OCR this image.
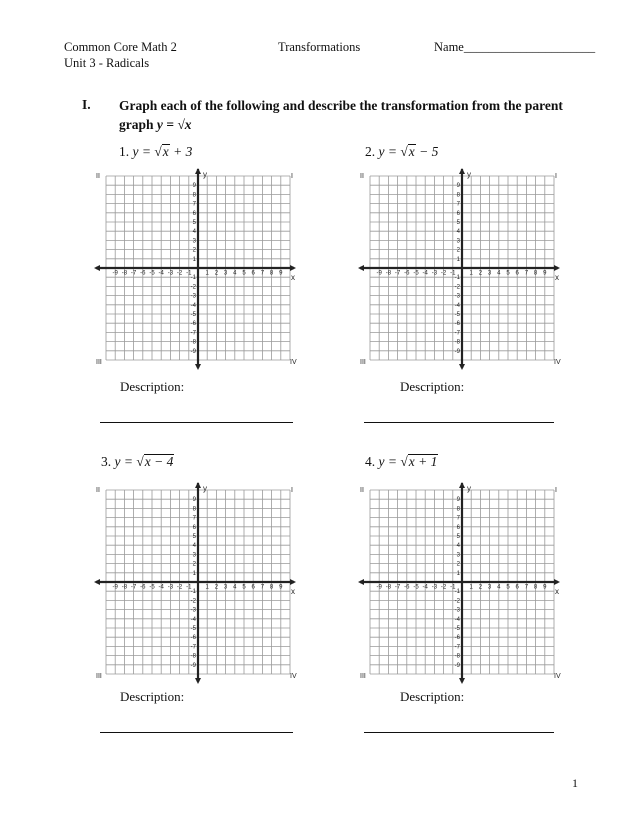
Common Core Math 2
Unit 3 - Radicals
Transformations	Name_____________________
I. Graph each of the following and describe the transformation from the parent
graph y = √x
1. y = √x + 3	2. y = √x − 5
3. y = √x − 4	4. y = √x + 1
x
y	I
II
III	IV
1 2 3 4 5 6 7 8 9
-1
-2
-3
-4
-5
-6
-7
-8
-9
1
2
3
4
5
6
7
8
9
-1
-2
-3
-4
-5
-6
-7
-8
-9
x
y	I
II
III	IV
1 2 3 4 5 6 7 8 9
-1
-2
-3
-4
-5
-6
-7
-8
-9
1
2
3
4
5
6
7
8
9
-1
-2
-3
-4
-5
-6
-7
-8
-9
x
y	I
II
III	IV
1 2 3 4 5 6 7 8 9
-1
-2
-3
-4
-5
-6
-7
-8
-9
1
2
3
4
5
6
7
8
9
-1
-2
-3
-4
-5
-6
-7
-8
-9
x
y	I
II
III	IV
1 2 3 4 5 6 7 8 9
-1
-2
-3
-4
-5
-6
-7
-8
-9
1
2
3
4
5
6
7
8
9
-1
-2
-3
-4
-5
-6
-7
-8
-9
Description:	Description:
Description:	Description:
1
